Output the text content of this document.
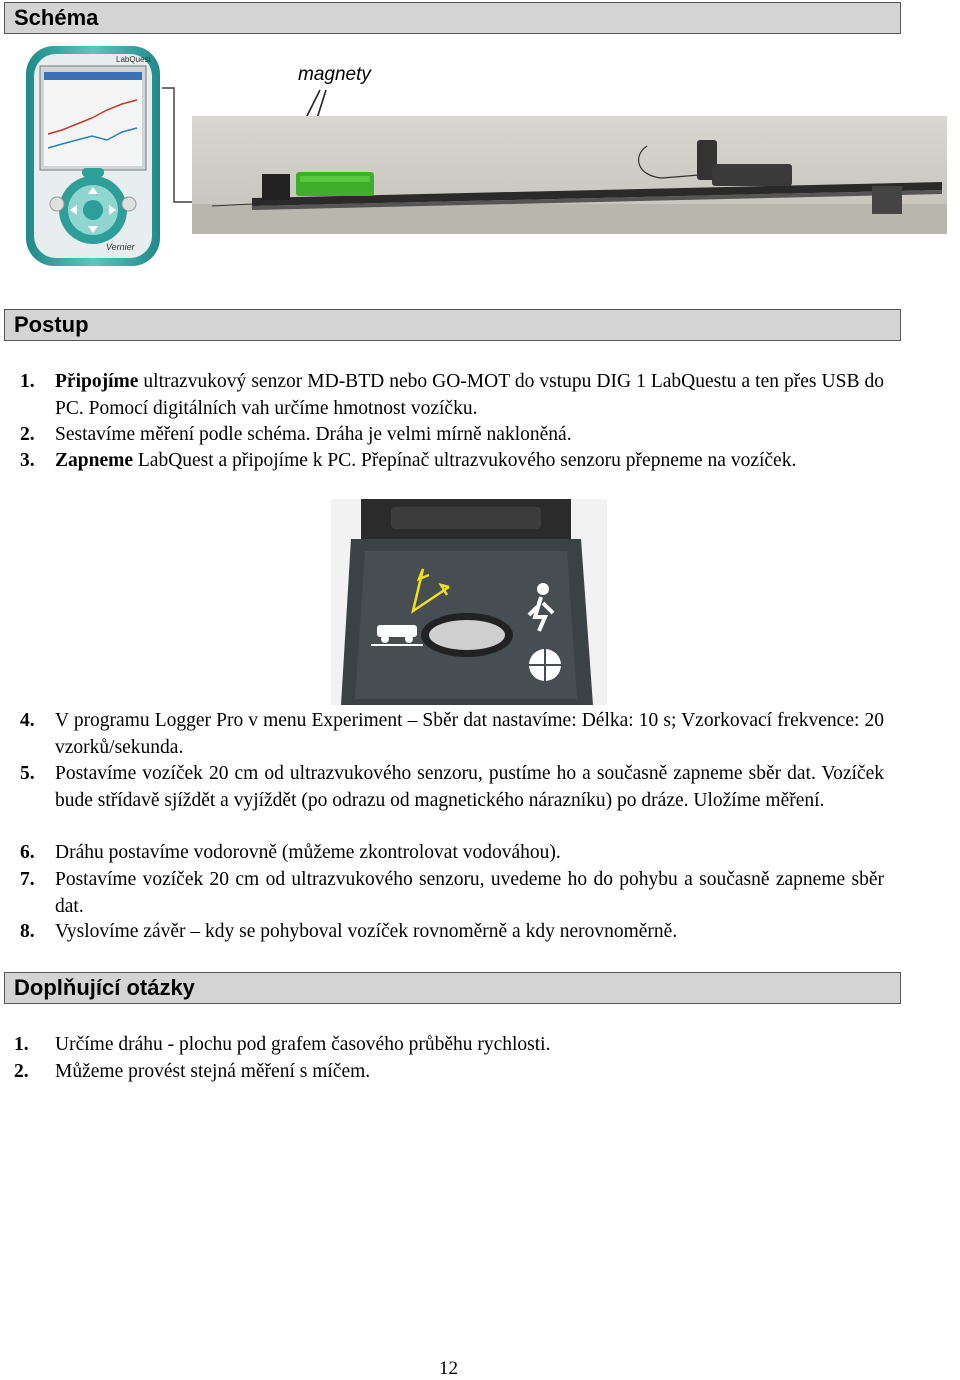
Schéma
LabQuest
Vernier
magnety
Postup
1. Připojíme ultrazvukový senzor MD-BTD nebo GO-MOT do vstupu DIG 1 LabQuestu a ten přes USB do PC. Pomocí digitálních vah určíme hmotnost vozíčku.
2. Sestavíme měření podle schéma. Dráha je velmi mírně nakloněná.
3. Zapneme LabQuest a připojíme k PC. Přepínač ultrazvukového senzoru přepneme na vozíček.
4. V programu Logger Pro v menu Experiment – Sběr dat nastavíme: Délka: 10 s; Vzorkovací frekvence: 20 vzorků/sekunda.
5. Postavíme vozíček 20 cm od ultrazvukového senzoru, pustíme ho a současně zapneme sběr dat. Vozíček bude střídavě sjíždět a vyjíždět (po odrazu od magnetického nárazníku) po dráze. Uložíme měření.
6. Dráhu postavíme vodorovně (můžeme zkontrolovat vodováhou).
7. Postavíme vozíček 20 cm od ultrazvukového senzoru, uvedeme ho do pohybu a současně zapneme sběr dat.
8. Vyslovíme závěr – kdy se pohyboval vozíček rovnoměrně a kdy nerovnoměrně.
Doplňující otázky
1. Určíme dráhu - plochu pod grafem časového průběhu rychlosti.
2. Můžeme provést stejná měření s míčem.
12
